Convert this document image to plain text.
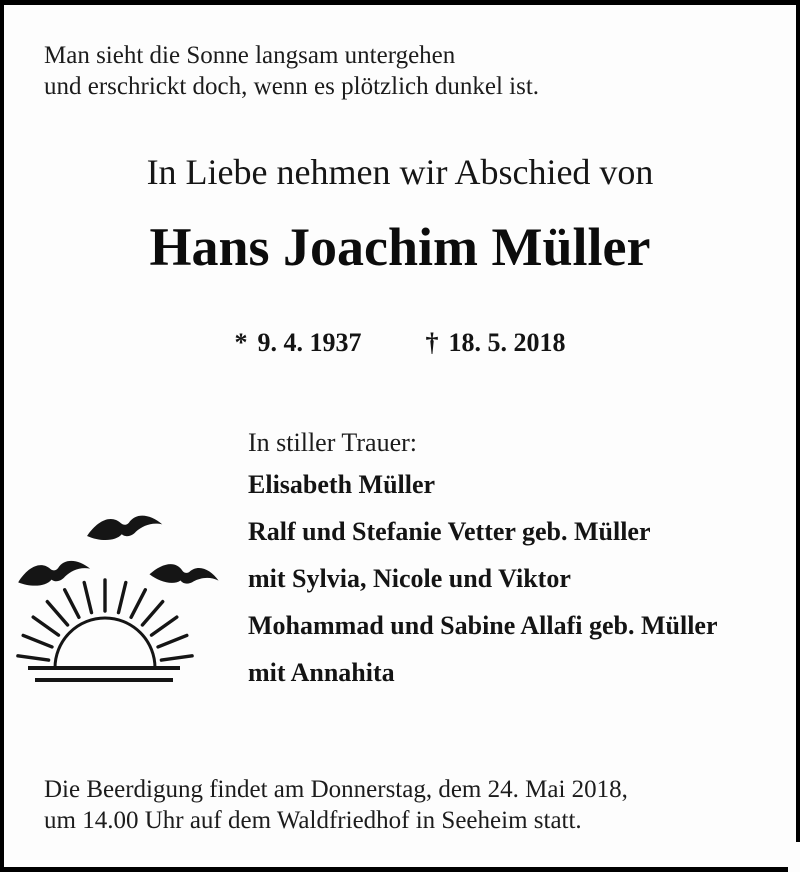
Man sieht die Sonne langsam untergehen
und erschrickt doch, wenn es plötzlich dunkel ist.
In Liebe nehmen wir Abschied von
Hans Joachim Müller
* 9. 4. 1937 † 18. 5. 2018
In stiller Trauer:
Elisabeth Müller
Ralf und Stefanie Vetter geb. Müller
mit Sylvia, Nicole und Viktor
Mohammad und Sabine Allafi geb. Müller
mit Annahita
Die Beerdigung findet am Donnerstag, dem 24. Mai 2018,
um 14.00 Uhr auf dem Waldfriedhof in Seeheim statt.
